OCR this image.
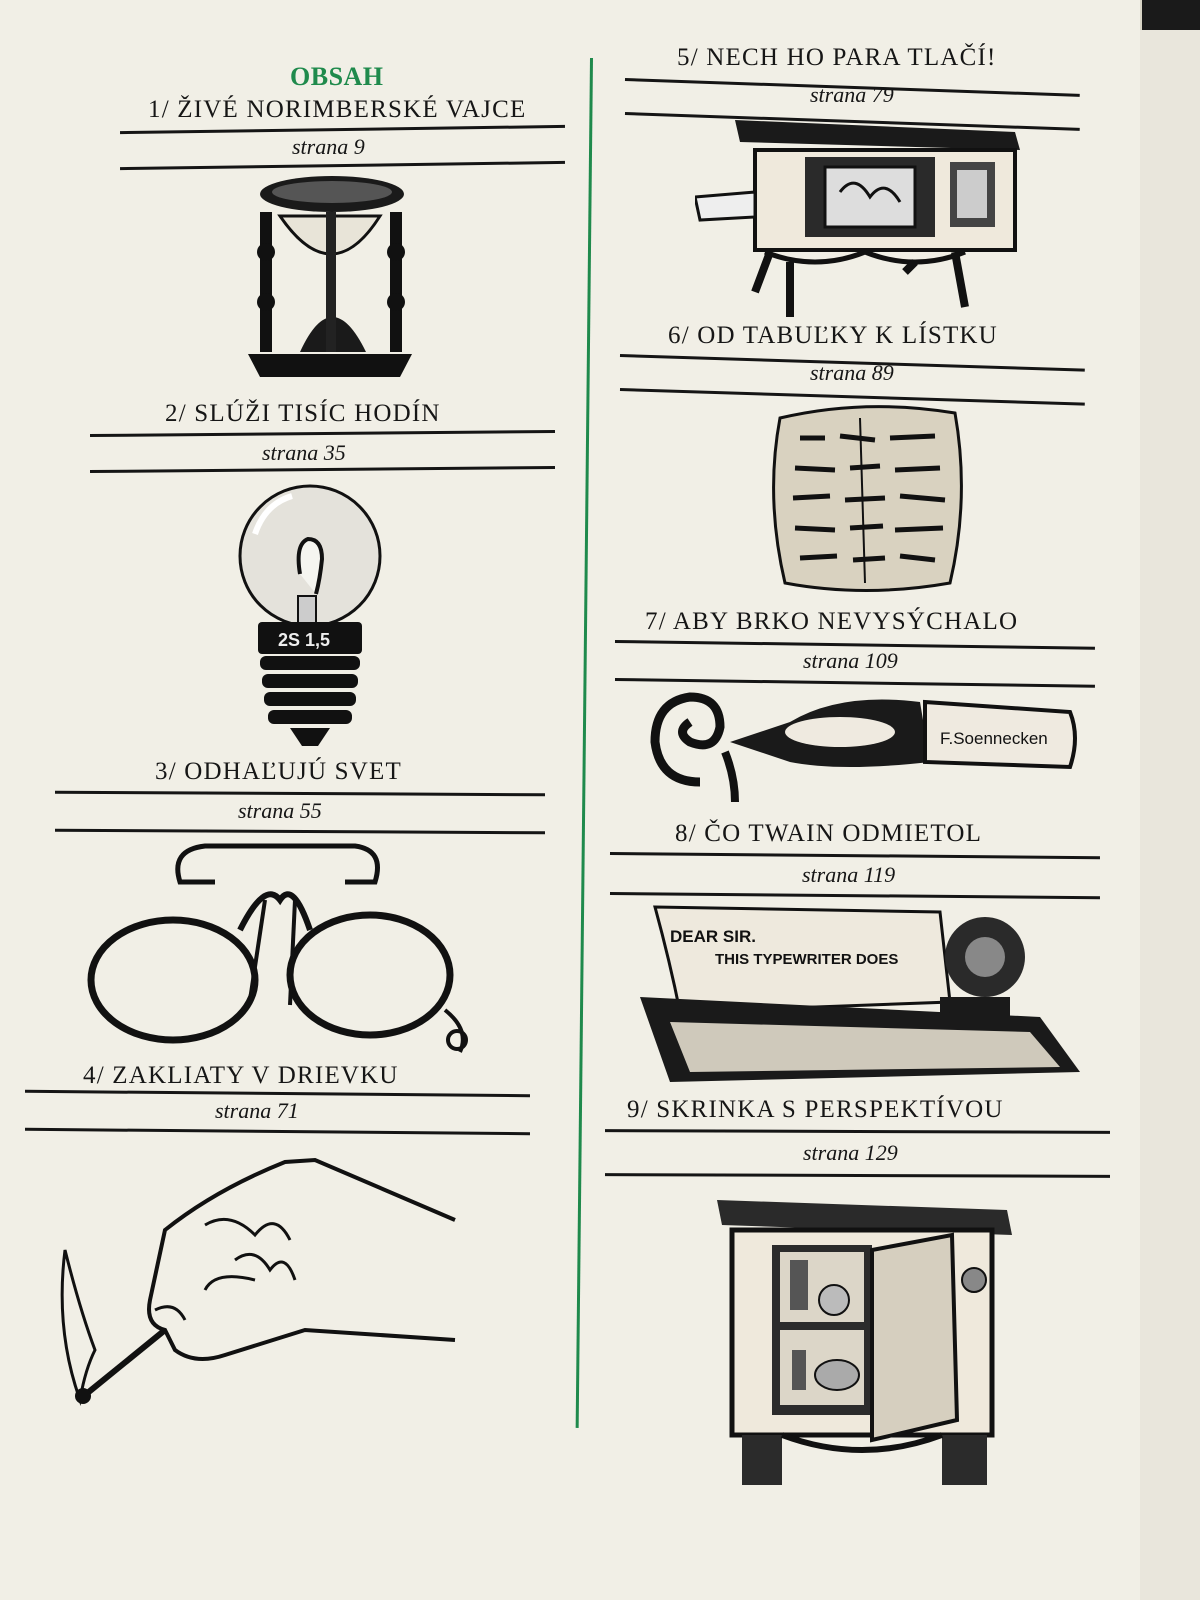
OBSAH
1/ ŽIVÉ NORIMBERSKÉ VAJCE
strana 9
2/ SLÚŽI TISÍC HODÍN
strana 35
2S 1,5
3/ ODHAĽUJÚ SVET
strana 55
4/ ZAKLIATY V DRIEVKU
strana 71
5/ NECH HO PARA TLAČÍ!
strana 79
6/ OD TABUĽKY K LÍSTKU
strana 89
7/ ABY BRKO NEVYSÝCHALO
strana 109
F.Soennecken
8/ ČO TWAIN ODMIETOL
strana 119
DEAR SIR.
THIS TYPEWRITER DOES
9/ SKRINKA S PERSPEKTÍVOU
strana 129
